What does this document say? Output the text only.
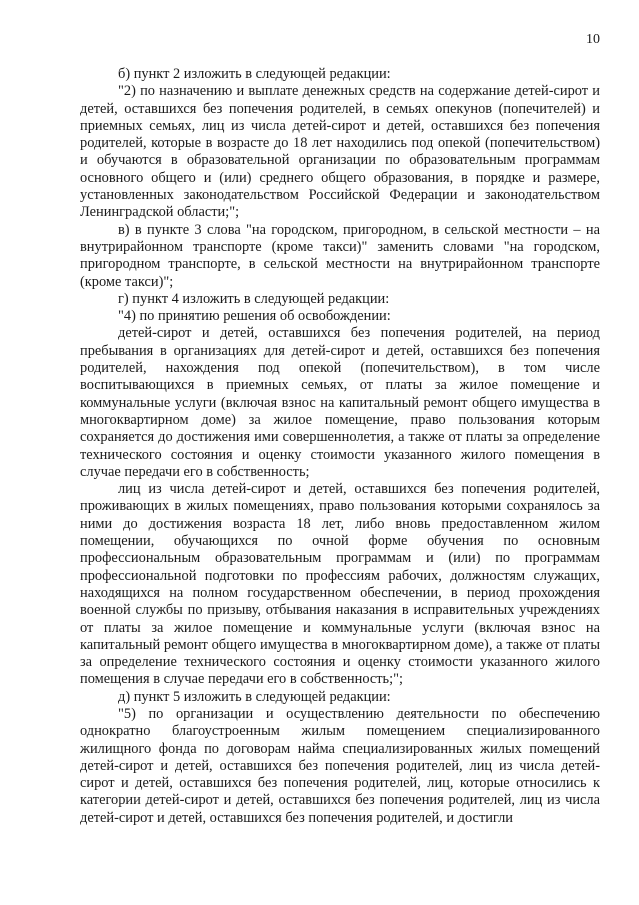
10

б) пункт 2 изложить в следующей редакции:

"2) по назначению и выплате денежных средств на содержание детей-сирот и детей, оставшихся без попечения родителей, в семьях опекунов (попечителей) и приемных семьях, лиц из числа детей-сирот и детей, оставшихся без попечения родителей, которые в возрасте до 18 лет находились под опекой (попечительством) и обучаются в образовательной организации по образовательным программам основного общего и (или) среднего общего образования, в порядке и размере, установленных законодательством Российской Федерации и законодательством Ленинградской области;";

в) в пункте 3 слова "на городском, пригородном, в сельской местности – на внутрирайонном транспорте (кроме такси)" заменить словами "на городском, пригородном транспорте, в сельской местности на внутрирайонном транспорте (кроме такси)";

г) пункт 4 изложить в следующей редакции:

"4) по принятию решения об освобождении:

детей-сирот и детей, оставшихся без попечения родителей, на период пребывания в организациях для детей-сирот и детей, оставшихся без попечения родителей, нахождения под опекой (попечительством), в том числе воспитывающихся в приемных семьях, от платы за жилое помещение и коммунальные услуги (включая взнос на капитальный ремонт общего имущества в многоквартирном доме) за жилое помещение, право пользования которым сохраняется до достижения ими совершеннолетия, а также от платы за определение технического состояния и оценку стоимости указанного жилого помещения в случае передачи его в собственность;

лиц из числа детей-сирот и детей, оставшихся без попечения родителей, проживающих в жилых помещениях, право пользования которыми сохранялось за ними до достижения возраста 18 лет, либо вновь предоставленном жилом помещении, обучающихся по очной форме обучения по основным профессиональным образовательным программам и (или) по программам профессиональной подготовки по профессиям рабочих, должностям служащих, находящихся на полном государственном обеспечении, в период прохождения военной службы по призыву, отбывания наказания в исправительных учреждениях от платы за жилое помещение и коммунальные услуги (включая взнос на капитальный ремонт общего имущества в многоквартирном доме), а также от платы за определение технического состояния и оценку стоимости указанного жилого помещения в случае передачи его в собственность;";

д) пункт 5 изложить в следующей редакции:

"5) по организации и осуществлению деятельности по обеспечению однократно благоустроенным жилым помещением специализированного жилищного фонда по договорам найма специализированных жилых помещений детей-сирот и детей, оставшихся без попечения родителей, лиц из числа детей-сирот и детей, оставшихся без попечения родителей, лиц, которые относились к категории детей-сирот и детей, оставшихся без попечения родителей, лиц из числа детей-сирот и детей, оставшихся без попечения родителей, и достигли
